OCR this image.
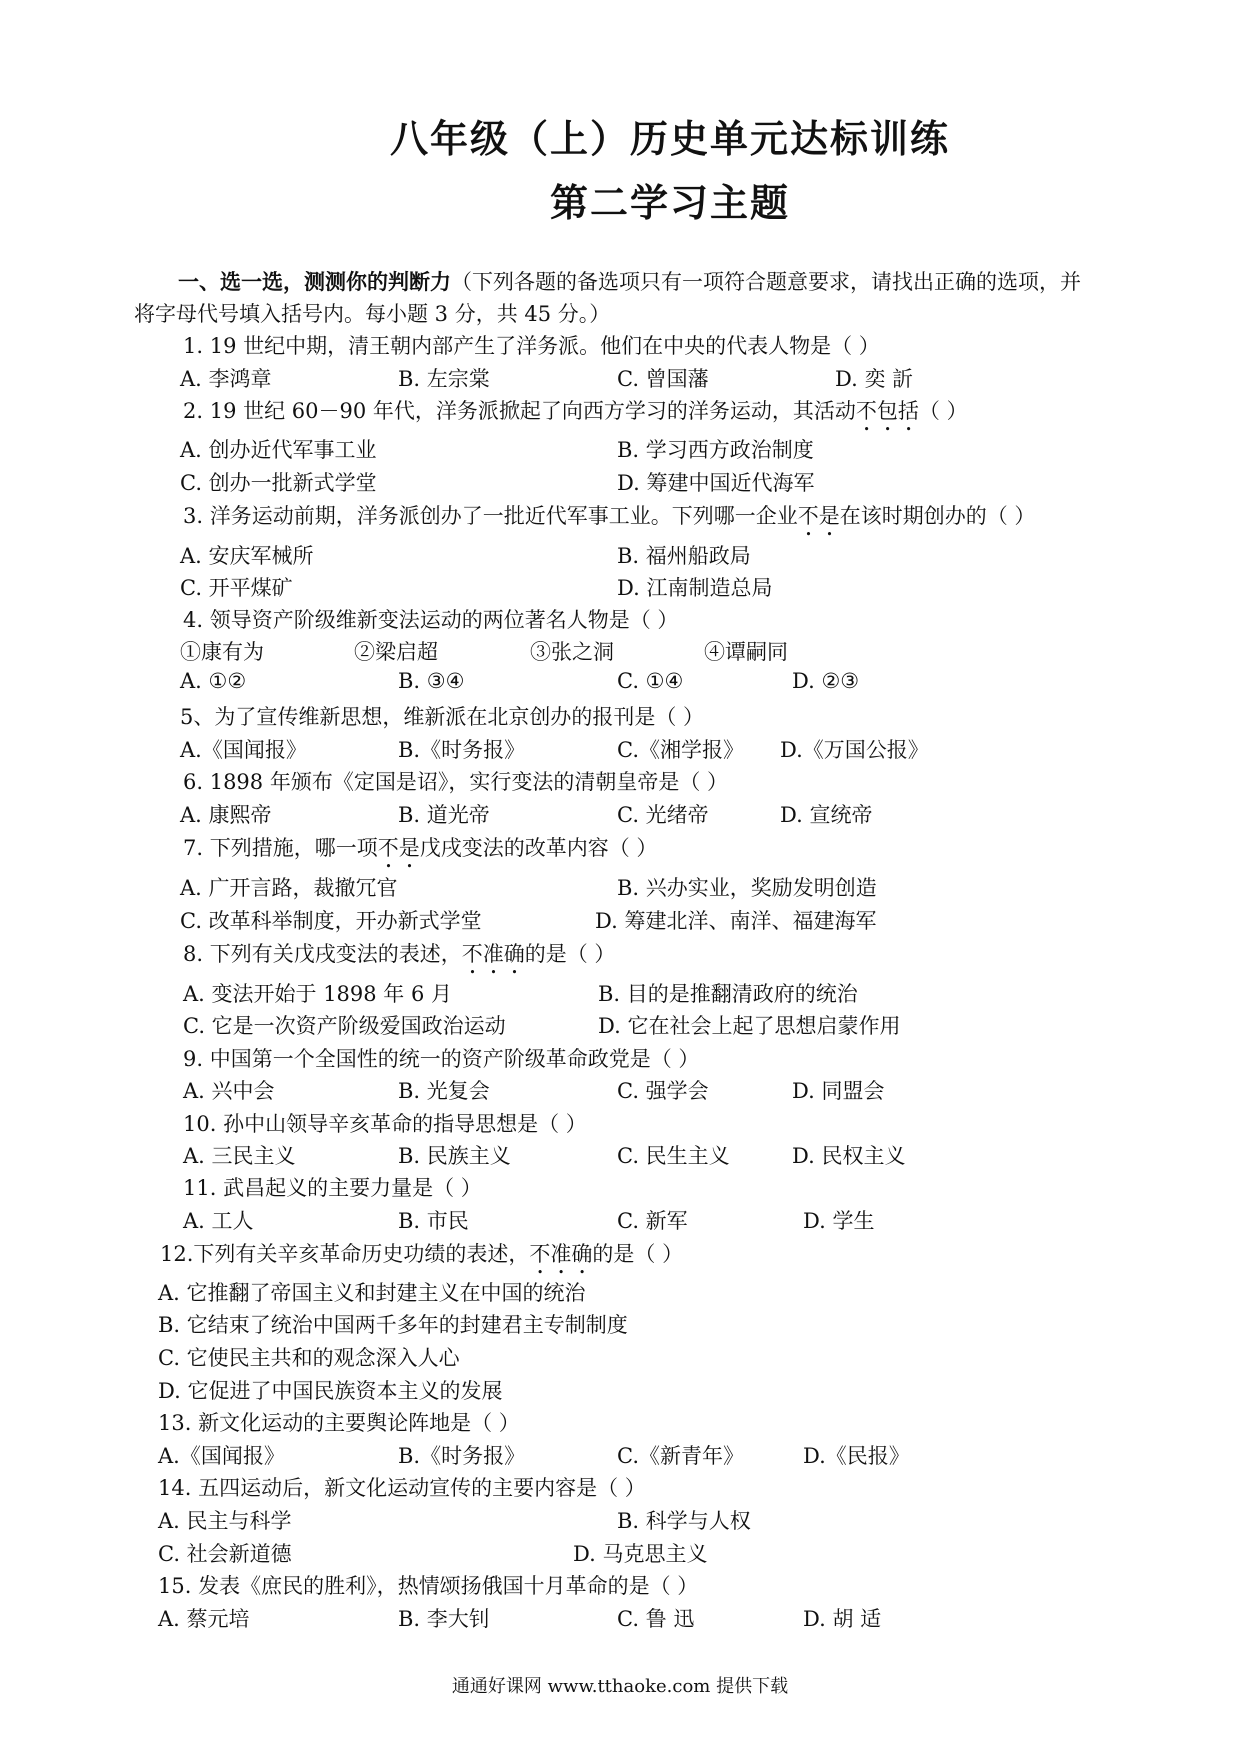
八年级（上）历史单元达标训练
第二学习主题
一、选一选，测测你的判断力（下列各题的备选项只有一项符合题意要求，请找出正确的选项，并
将字母代号填入括号内。每小题 3 分，共 45 分。）
1. 19 世纪中期，清王朝内部产生了洋务派。他们在中央的代表人物是（ ）
A. 李鸿章	B. 左宗棠	C. 曾国藩	D. 奕 訢
2. 19 世纪 60－90 年代，洋务派掀起了向西方学习的洋务运动，其活动不包括（ ）
A. 创办近代军事工业	B. 学习西方政治制度
C. 创办一批新式学堂	D. 筹建中国近代海军
3. 洋务运动前期，洋务派创办了一批近代军事工业。下列哪一企业不是在该时期创办的（ ）
A. 安庆军械所	B. 福州船政局
C. 开平煤矿	D. 江南制造总局
4. 领导资产阶级维新变法运动的两位著名人物是（ ）
①康有为	②梁启超	③张之洞	④谭嗣同
A. ①②	B. ③④	C. ①④	D. ②③
5、为了宣传维新思想，维新派在北京创办的报刊是（ ）
A.《国闻报》	B.《时务报》	C.《湘学报》 D.《万国公报》
6. 1898 年颁布《定国是诏》，实行变法的清朝皇帝是（ ）
A. 康熙帝	B. 道光帝	C. 光绪帝	D. 宣统帝
7. 下列措施，哪一项不是戊戌变法的改革内容（ ）
A. 广开言路，裁撤冗官	B. 兴办实业，奖励发明创造
C. 改革科举制度，开办新式学堂	D. 筹建北洋、南洋、福建海军
8. 下列有关戊戌变法的表述，不准确的是（ ）
A. 变法开始于 1898 年 6 月	B. 目的是推翻清政府的统治
C. 它是一次资产阶级爱国政治运动	D. 它在社会上起了思想启蒙作用
9. 中国第一个全国性的统一的资产阶级革命政党是（ ）
A. 兴中会	B. 光复会	C. 强学会	D. 同盟会
10. 孙中山领导辛亥革命的指导思想是（ ）
A. 三民主义	B. 民族主义	C. 民生主义	D. 民权主义
11. 武昌起义的主要力量是（ ）
A. 工人	B. 市民	C. 新军	D. 学生
12.下列有关辛亥革命历史功绩的表述，不准确的是（ ）
A. 它推翻了帝国主义和封建主义在中国的统治
B. 它结束了统治中国两千多年的封建君主专制制度
C. 它使民主共和的观念深入人心
D. 它促进了中国民族资本主义的发展
13. 新文化运动的主要舆论阵地是（ ）
A.《国闻报》	B.《时务报》	C.《新青年》	D.《民报》
14. 五四运动后，新文化运动宣传的主要内容是（ ）
A. 民主与科学	B. 科学与人权
C. 社会新道德	D. 马克思主义
15. 发表《庶民的胜利》，热情颂扬俄国十月革命的是（ ）
A. 蔡元培	B. 李大钊	C. 鲁 迅	D. 胡 适
通通好课网 www.tthaoke.com 提供下载
